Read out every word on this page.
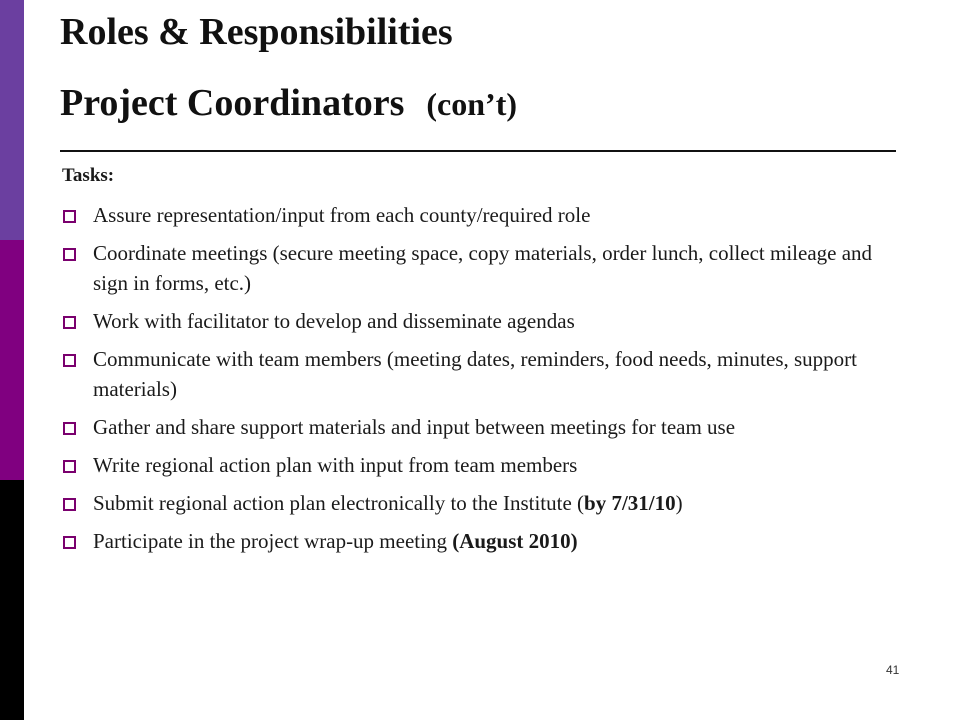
Roles & Responsibilities
Project Coordinators (con’t)
Tasks:
Assure representation/input from each county/required role
Coordinate meetings (secure meeting space, copy materials, order lunch, collect mileage and sign in forms, etc.)
Work with facilitator to develop and disseminate agendas
Communicate with team members (meeting dates, reminders, food needs, minutes, support materials)
Gather and share support materials and input between meetings for team use
Write regional action plan with input from team members
Submit regional action plan electronically to the Institute (by 7/31/10)
Participate in the project wrap-up meeting (August 2010)
41
